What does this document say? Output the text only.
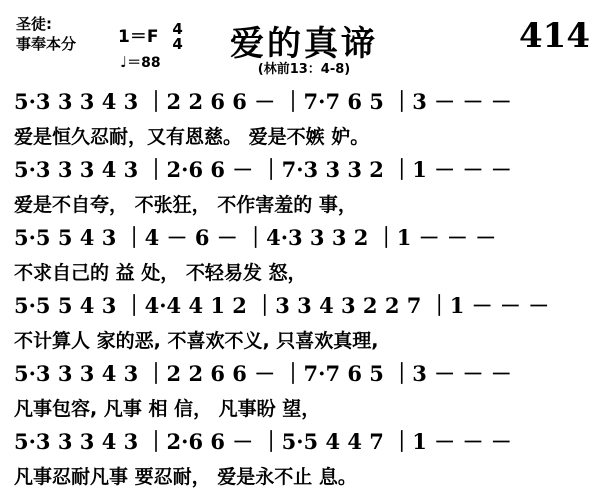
圣徒:
事奉本分 1＝F 4
4
♩＝88	爱的真谛
(林前13：4-8)
414
5·3 3 3 4 3 ｜2 2 6 6 － ｜7·7 6 5 ｜3 － － －
爱是恒久忍耐，又有恩慈。 爱是不嫉 妒。
5·3 3 3 4 3 ｜2·6 6 － ｜7·3 3 3 2 ｜1 － － －
爱是不自夸， 不张狂， 不作害羞的 事，
5·5 5 4 3 ｜4 － 6 － ｜4·3 3 3 2 ｜1 － － －
不求自己的 益 处， 不轻易发 怒，
5·5 5 4 3 ｜4·4 4 1 2 ｜3 3 4 3 2 2 7 ｜1 － － －
不计算人 家的恶, 不喜欢不义, 只喜欢真理,
5·3 3 3 4 3 ｜2 2 6 6 － ｜7·7 6 5 ｜3 － － －
凡事包容, 凡事 相 信， 凡事盼 望，
5·3 3 3 4 3 ｜2·6 6 － ｜5·5 4 4 7 ｜1 － － －
凡事忍耐凡事 要忍耐， 爱是永不止 息。
